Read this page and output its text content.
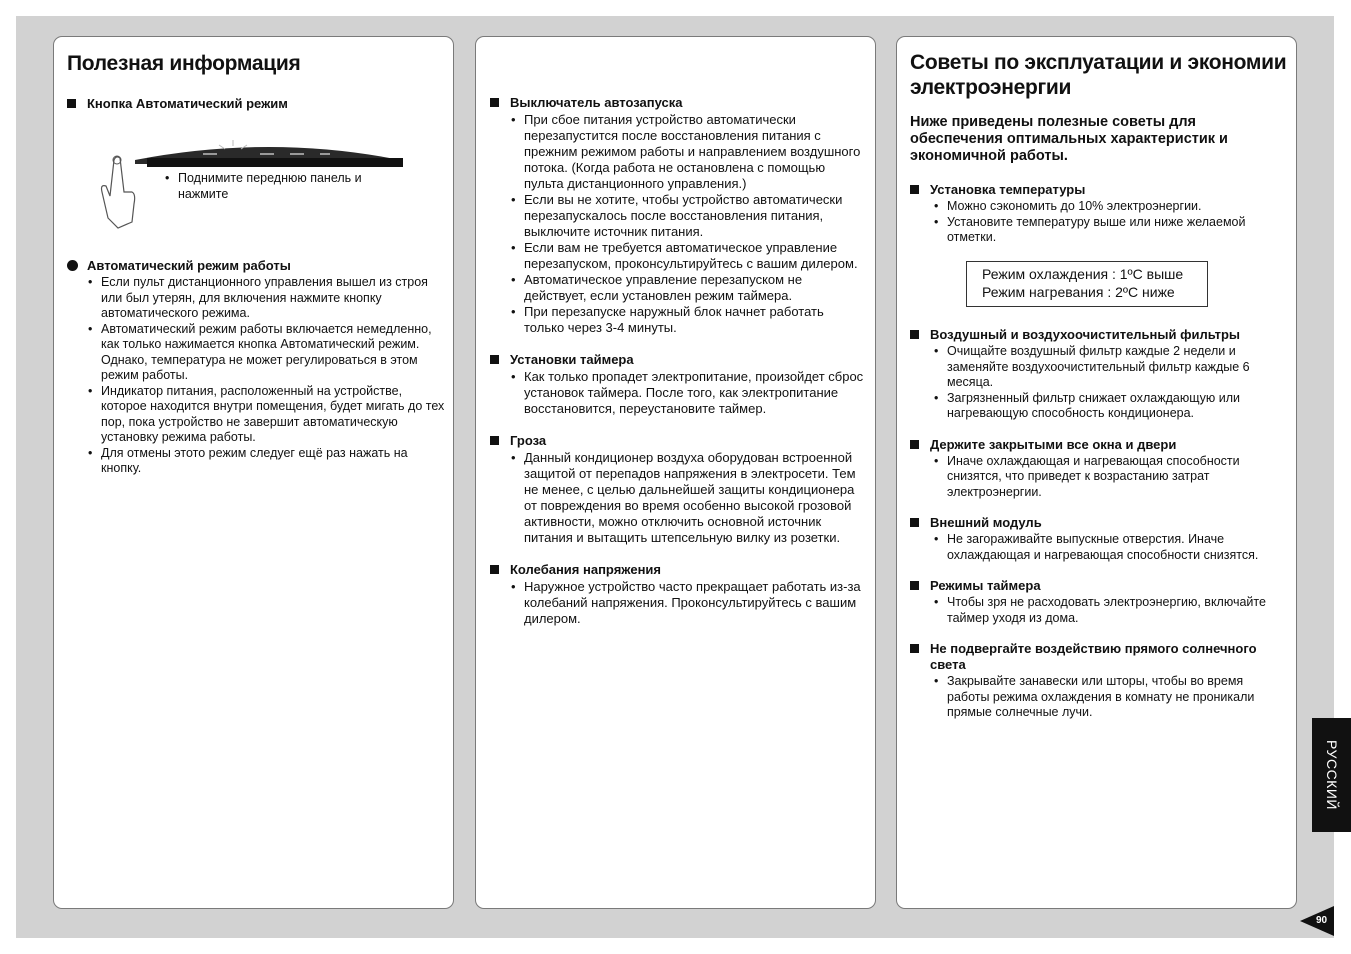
Полезная информация
Кнопка Автоматический режим
• Поднимите переднюю панель и нажмите
Автоматический режим работы
• Если пульт дистанционного управления вышел из строя или был утерян, для включения нажмите кнопку автоматического режима.
• Автоматический режим работы включается немедленно, как только нажимается кнопка Автоматический режим. Однако, температура не может регулироваться в этом режим работы.
• Индикатор питания, расположенный на устройстве, которое находится внутри помещения, будет мигать до тех пор, пока устройство не завершит автоматическую установку режима работы.
• Для отмены этото режим следуег ещё раз нажать на кнопку.
Выключатель автозапуска
• При сбое питания устройство автоматически перезапустится после восстановления питания с прежним режимом работы и направлением воздушного потока. (Когда работа не остановлена с помощью пульта дистанционного управления.)
• Если вы не хотите, чтобы устройство автоматически перезапускалось после восстановления питания, выключите источник питания.
• Если вам не требуется автоматическое управление перезапуском, проконсультируйтесь с вашим дилером.
• Автоматическое управление перезапуском не действует, если установлен режим таймера.
• При перезапуске наружный блок начнет работать только через 3-4 минуты.
Установки таймера
• Как только пропадет электропитание, произойдет сброс установок таймера. После того, как электропитание восстановится, переустановите таймер.
Гроза
• Данный кондиционер воздуха оборудован встроенной защитой от перепадов напряжения в электросети. Тем не менее, с целью дальнейшей защиты кондиционера от повреждения во время особенно высокой грозовой активности, можно отключить основной источник питания и вытащить штепсельную вилку из розетки.
Колебания напряжения
• Наружное устройство часто прекращает работать из-за колебаний напряжения. Проконсультируйтесь с вашим дилером.
Советы по эксплуатации и экономии
электроэнергии
Ниже приведены полезные советы для обеспечения оптимальных характеристик и экономичной работы.
Установка температуры
• Можно сэкономить до 10% электроэнергии.
• Установите температуру выше или ниже желаемой отметки.
Режим охлаждения : 1ºС выше
Режим нагревания : 2ºС ниже
Воздушный и воздухоочистительный фильтры
• Очищайте воздушный фильтр каждые 2 недели и заменяйте воздухоочистительный фильтр каждые 6 месяца.
• Загрязненный фильтр снижает охлаждающую или нагревающую способность кондиционера.
Держите закрытыми все окна и двери
• Иначе охлаждающая и нагревающая способности снизятся, что приведет к возрастанию затрат электроэнергии.
Внешний модуль
• Не загораживайте выпускные отверстия. Иначе охлаждающая и нагревающая способности снизятся.
Режимы таймера
• Чтобы зря не расходовать электроэнергию, включайте таймер уходя из дома.
Не подвергайте воздействию прямого солнечного света
• Закрывайте занавески или шторы, чтобы во время работы режима охлаждения в комнату не проникали прямые солнечные лучи.
РУССКИЙ
90
